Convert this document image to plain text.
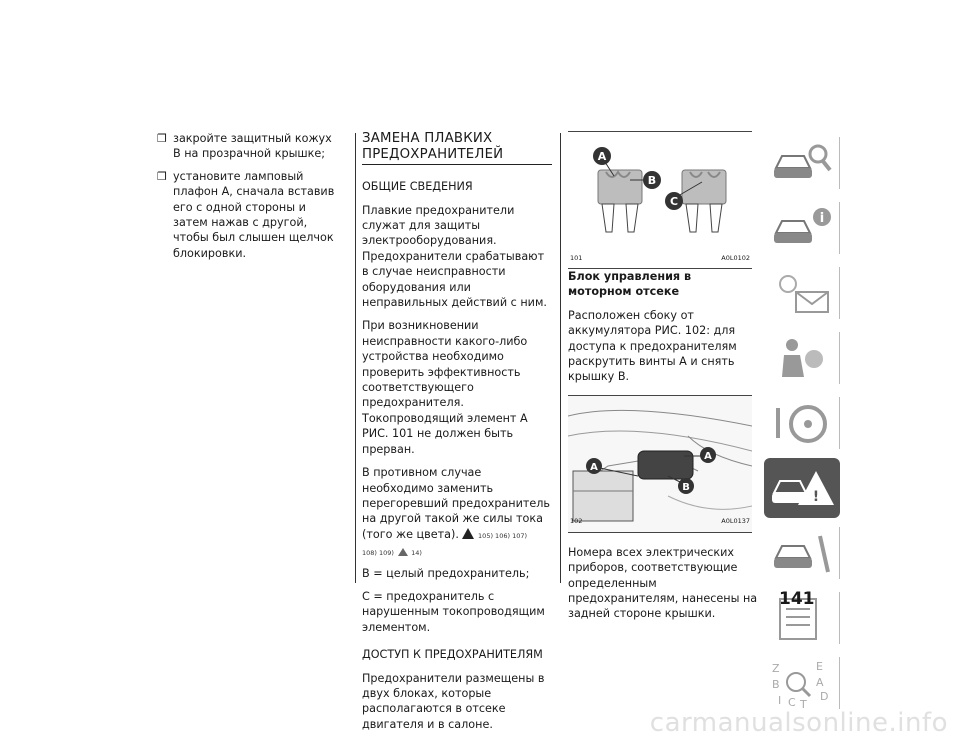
❒ закройте защитный кожух B на прозрачной крышке;
❒ установите ламповый плафон А, сначала вставив его с одной стороны и затем нажав с другой, чтобы был слышен щелчок блокировки.
ЗАМЕНА ПЛАВКИХ
ПРЕДОХРАНИТЕЛЕЙ

ОБЩИЕ СВЕДЕНИЯ

Плавкие предохранители служат для защиты электрооборудования. Предохранители срабатывают в случае неисправности оборудования или неправильных действий с ним.

При возникновении неисправности какого-либо устройства необходимо проверить эффективность соответствующего предохранителя. Токопроводящий элемент А РИС. 101 не должен быть прерван.

В противном случае необходимо заменить перегоревший предохранитель на другой такой же силы тока (того же цвета).	105) 106) 107)
108) 109)	14)

B = целый предохранитель;

С = предохранитель с нарушенным токопроводящим элементом.

ДОСТУП К ПРЕДОХРАНИТЕЛЯМ

Предохранители размещены в двух блоках, которые располагаются в отсеке двигателя и в салоне.

A
B
C
101	A0L0102

Блок управления в моторном отсеке

Расположен сбоку от аккумулятора РИС. 102: для доступа к предохранителям раскрутить винты А и снять крышку B.

A
A
B
102	A0L0137

Номера всех электрических приборов, соответствующие определенным предохранителям, нанесены на задней стороне крышки.

i
!
Z	E
A
B
D
I C T
141
carmanualsonline.info
